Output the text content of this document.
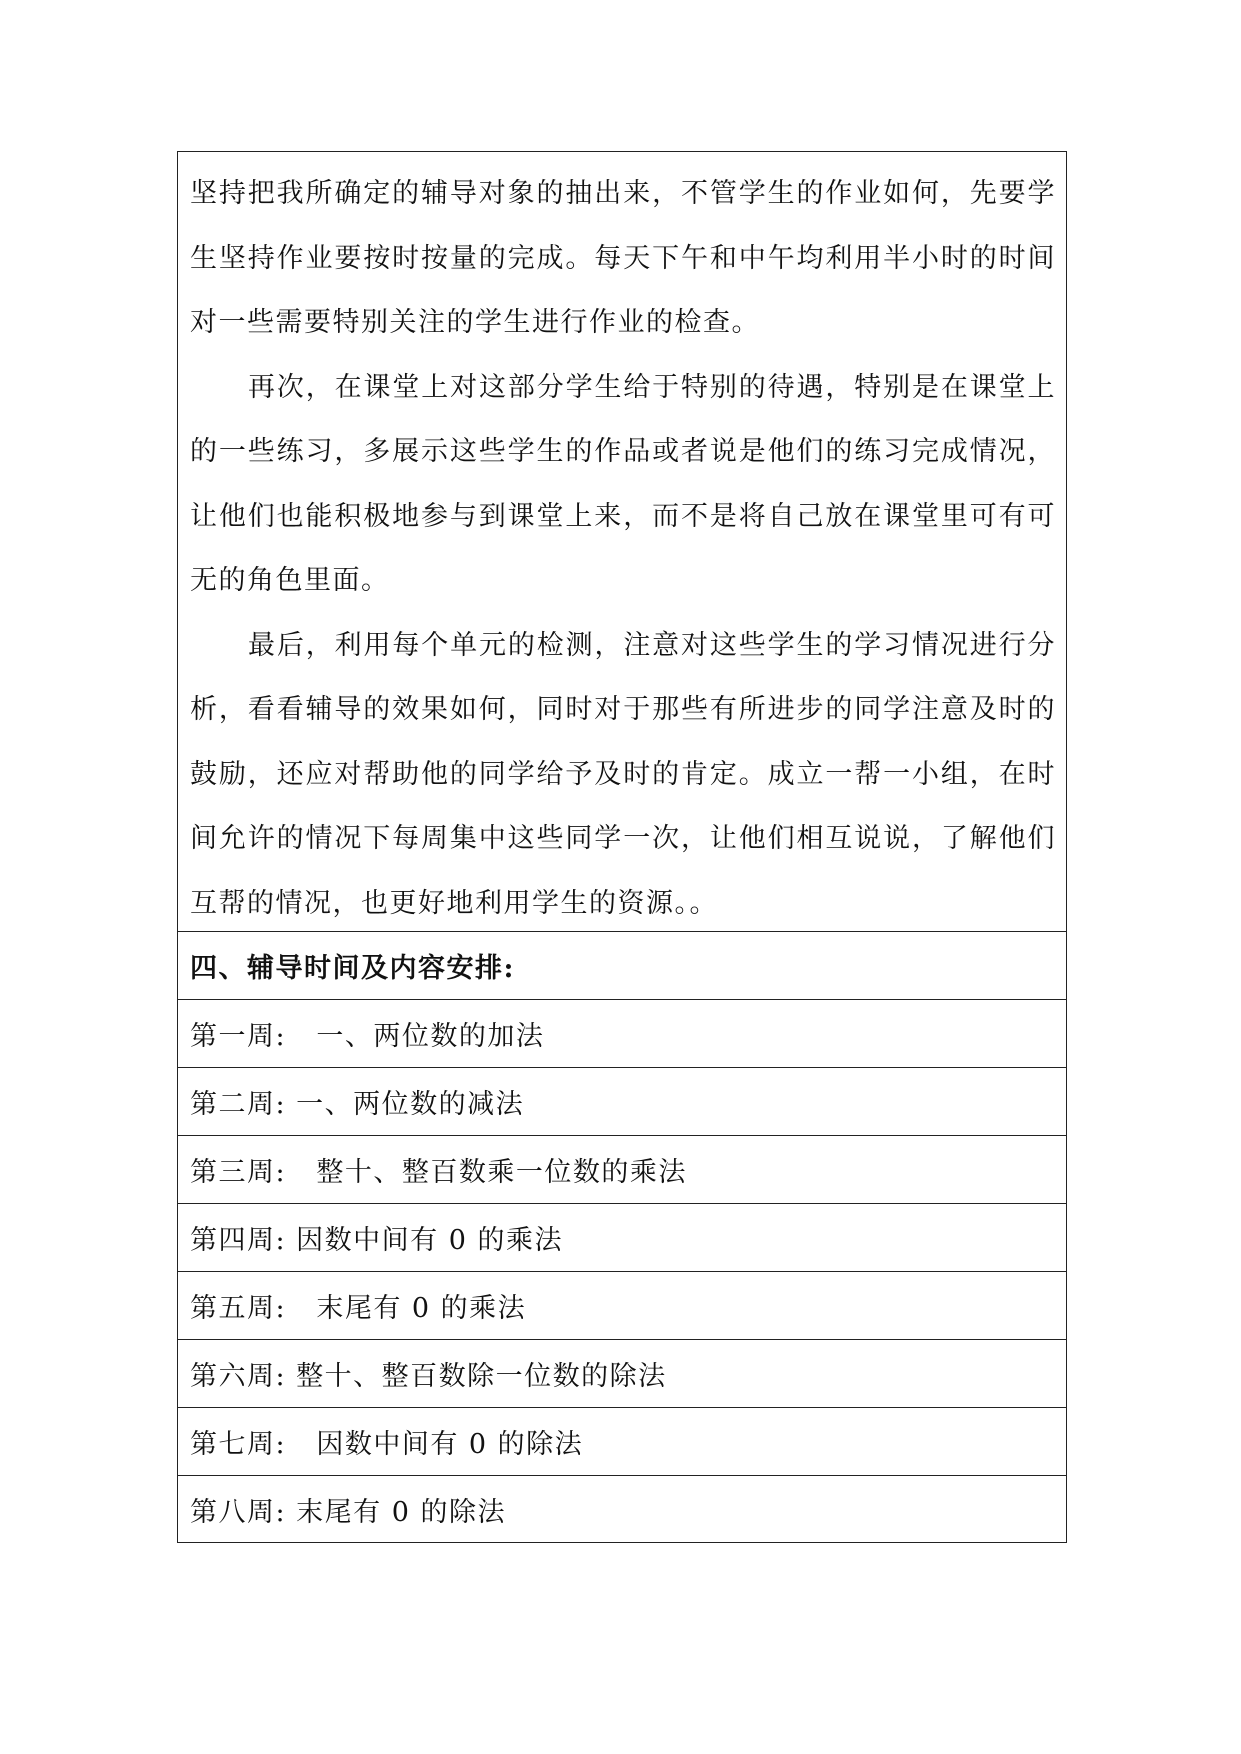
坚持把我所确定的辅导对象的抽出来，不管学生的作业如何，先要学生坚持作业要按时按量的完成。每天下午和中午均利用半小时的时间对一些需要特别关注的学生进行作业的检查。

再次，在课堂上对这部分学生给于特别的待遇，特别是在课堂上的一些练习，多展示这些学生的作品或者说是他们的练习完成情况，让他们也能积极地参与到课堂上来，而不是将自己放在课堂里可有可无的角色里面。

最后，利用每个单元的检测，注意对这些学生的学习情况进行分析，看看辅导的效果如何，同时对于那些有所进步的同学注意及时的鼓励，还应对帮助他的同学给予及时的肯定。成立一帮一小组，在时间允许的情况下每周集中这些同学一次，让他们相互说说，了解他们互帮的情况，也更好地利用学生的资源。。

四、辅导时间及内容安排:
第一周:   一、两位数的加法
第二周: 一、两位数的减法
第三周:   整十、整百数乘一位数的乘法
第四周: 因数中间有 0 的乘法
第五周:   末尾有 0 的乘法
第六周: 整十、整百数除一位数的除法
第七周:   因数中间有 0 的除法
第八周: 末尾有 0 的除法
